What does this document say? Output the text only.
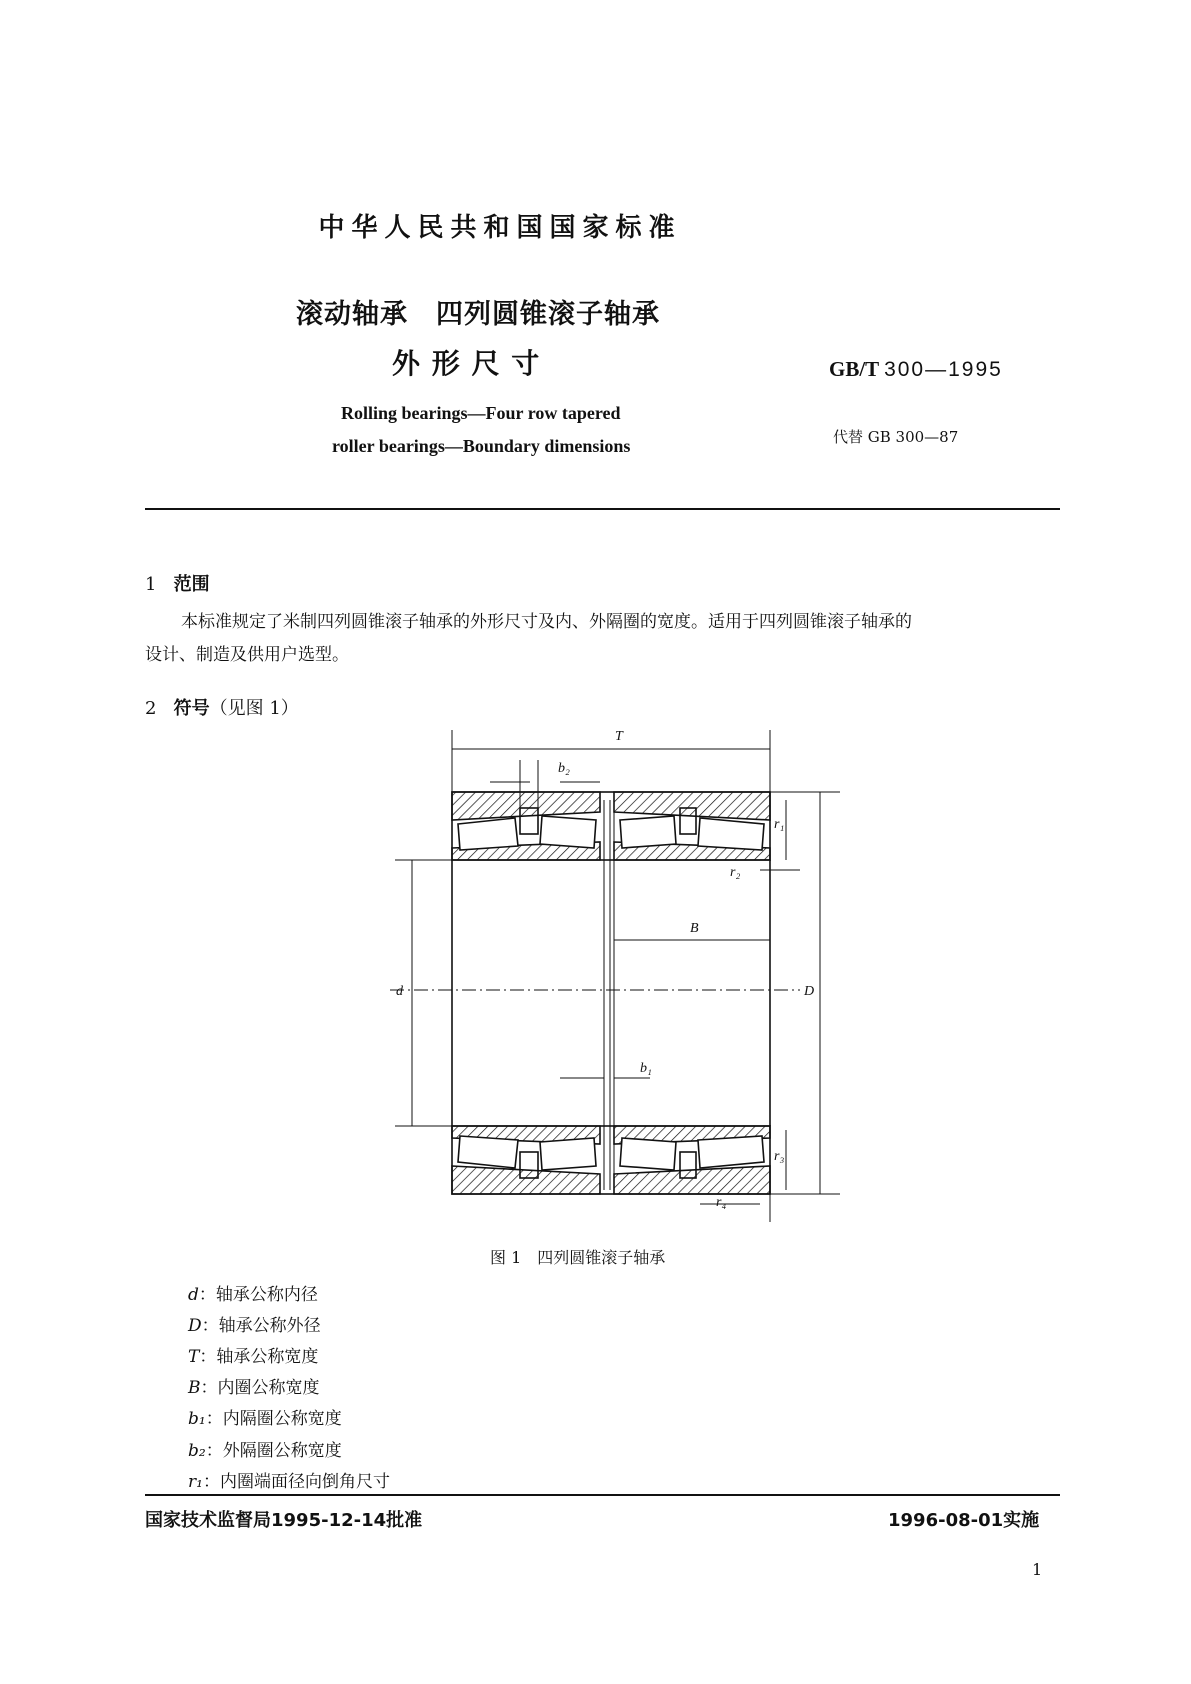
中华人民共和国国家标准
滚动轴承　四列圆锥滚子轴承
外 形 尺 寸	GB/T 300—1995
Rolling bearings—Four row tapered
roller bearings—Boundary dimensions	代替 GB 300—87
1 范围
本标准规定了米制四列圆锥滚子轴承的外形尺寸及内、外隔圈的宽度。适用于四列圆锥滚子轴承的
设计、制造及供用户选型。
2 符号（见图 1）
T
b₂
r₁
r₂
B
d	D
b₁
r₃
r₄
图 1　四列圆锥滚子轴承
d：轴承公称内径
D：轴承公称外径
T：轴承公称宽度
B：内圈公称宽度
b₁：内隔圈公称宽度
b₂：外隔圈公称宽度
r₁：内圈端面径向倒角尺寸
国家技术监督局1995-12-14批准	1996-08-01实施
1
